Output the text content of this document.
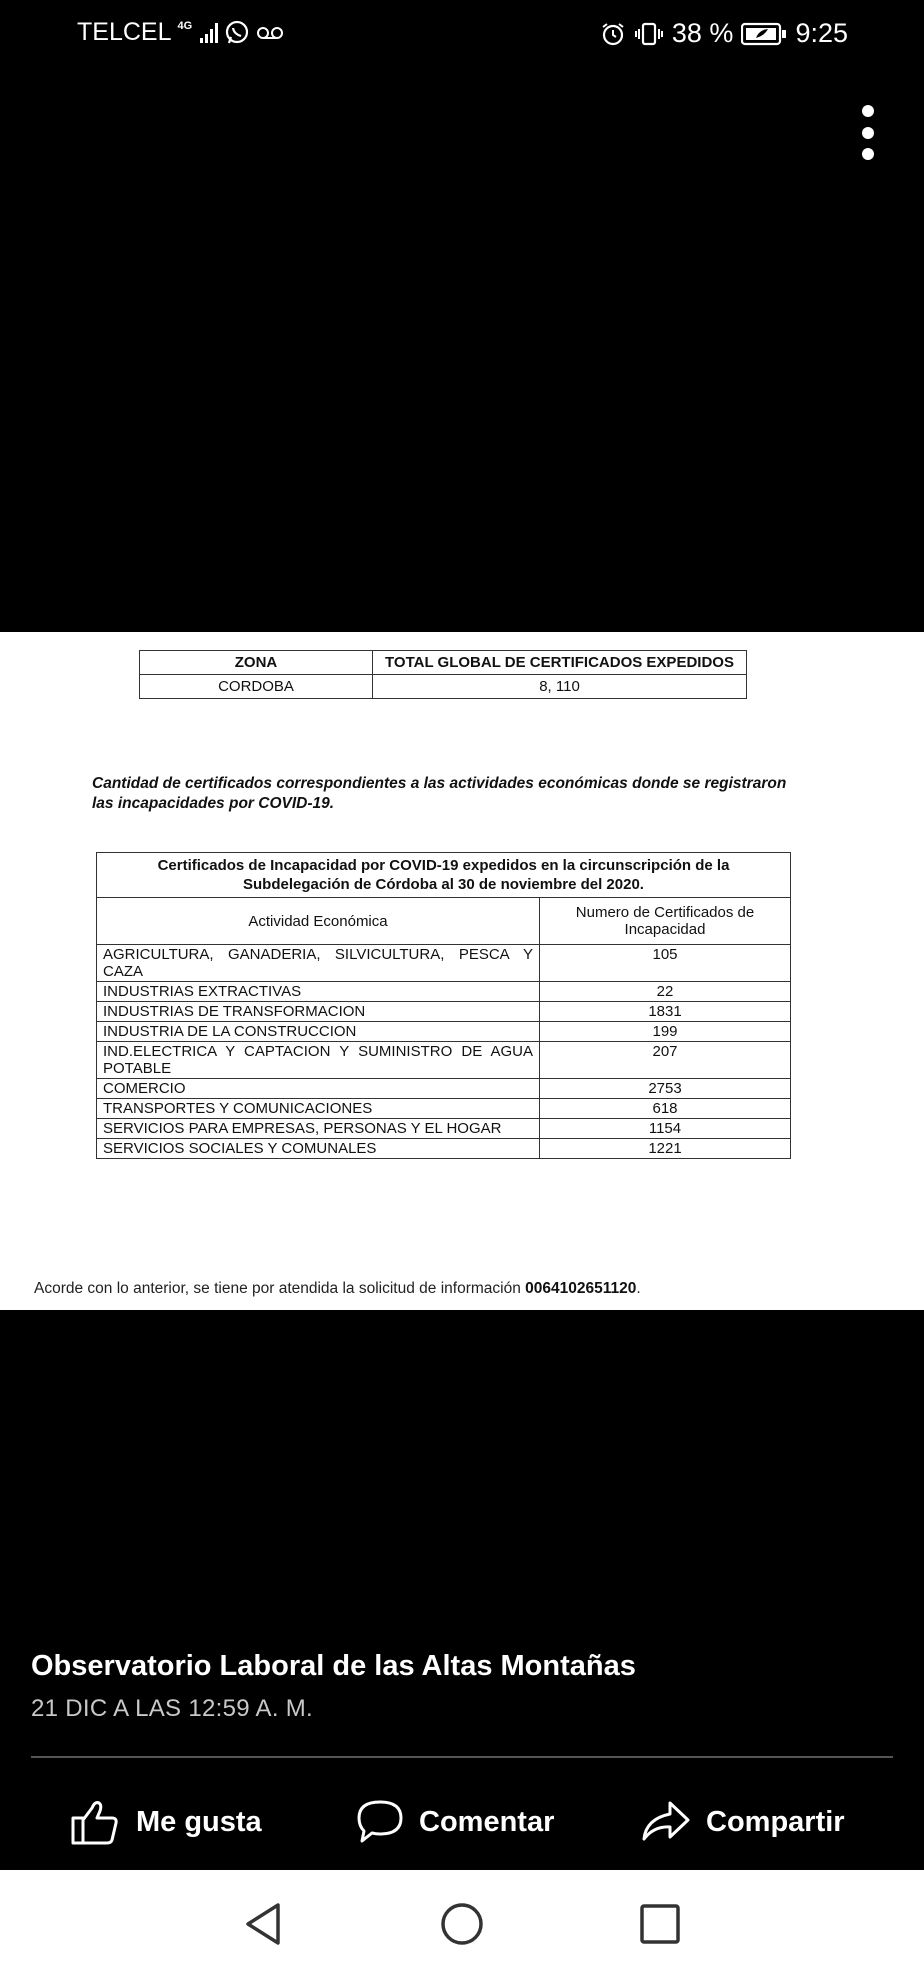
TELCEL 4G	38 % 9:25
ZONA	TOTAL GLOBAL DE CERTIFICADOS EXPEDIDOS
CORDOBA	8, 110
Cantidad de certificados correspondientes a las actividades económicas donde se registraron las incapacidades por COVID-19.
Certificados de Incapacidad por COVID-19 expedidos en la circunscripción de la Subdelegación de Córdoba al 30 de noviembre del 2020.	
Actividad Económica	Numero de Certificados de Incapacidad
AGRICULTURA, GANADERIA, SILVICULTURA, PESCA Y CAZA	105
INDUSTRIAS EXTRACTIVAS	22
INDUSTRIAS DE TRANSFORMACION	1831
INDUSTRIA DE LA CONSTRUCCION	199
IND.ELECTRICA Y CAPTACION Y SUMINISTRO DE AGUA POTABLE	207
COMERCIO	2753
TRANSPORTES Y COMUNICACIONES	618
SERVICIOS PARA EMPRESAS, PERSONAS Y EL HOGAR	1154
SERVICIOS SOCIALES Y COMUNALES	1221
Acorde con lo anterior, se tiene por atendida la solicitud de información 0064102651120.
Observatorio Laboral de las Altas Montañas
21 DIC A LAS 12:59 A. M.
Me gusta	Comentar	Compartir
